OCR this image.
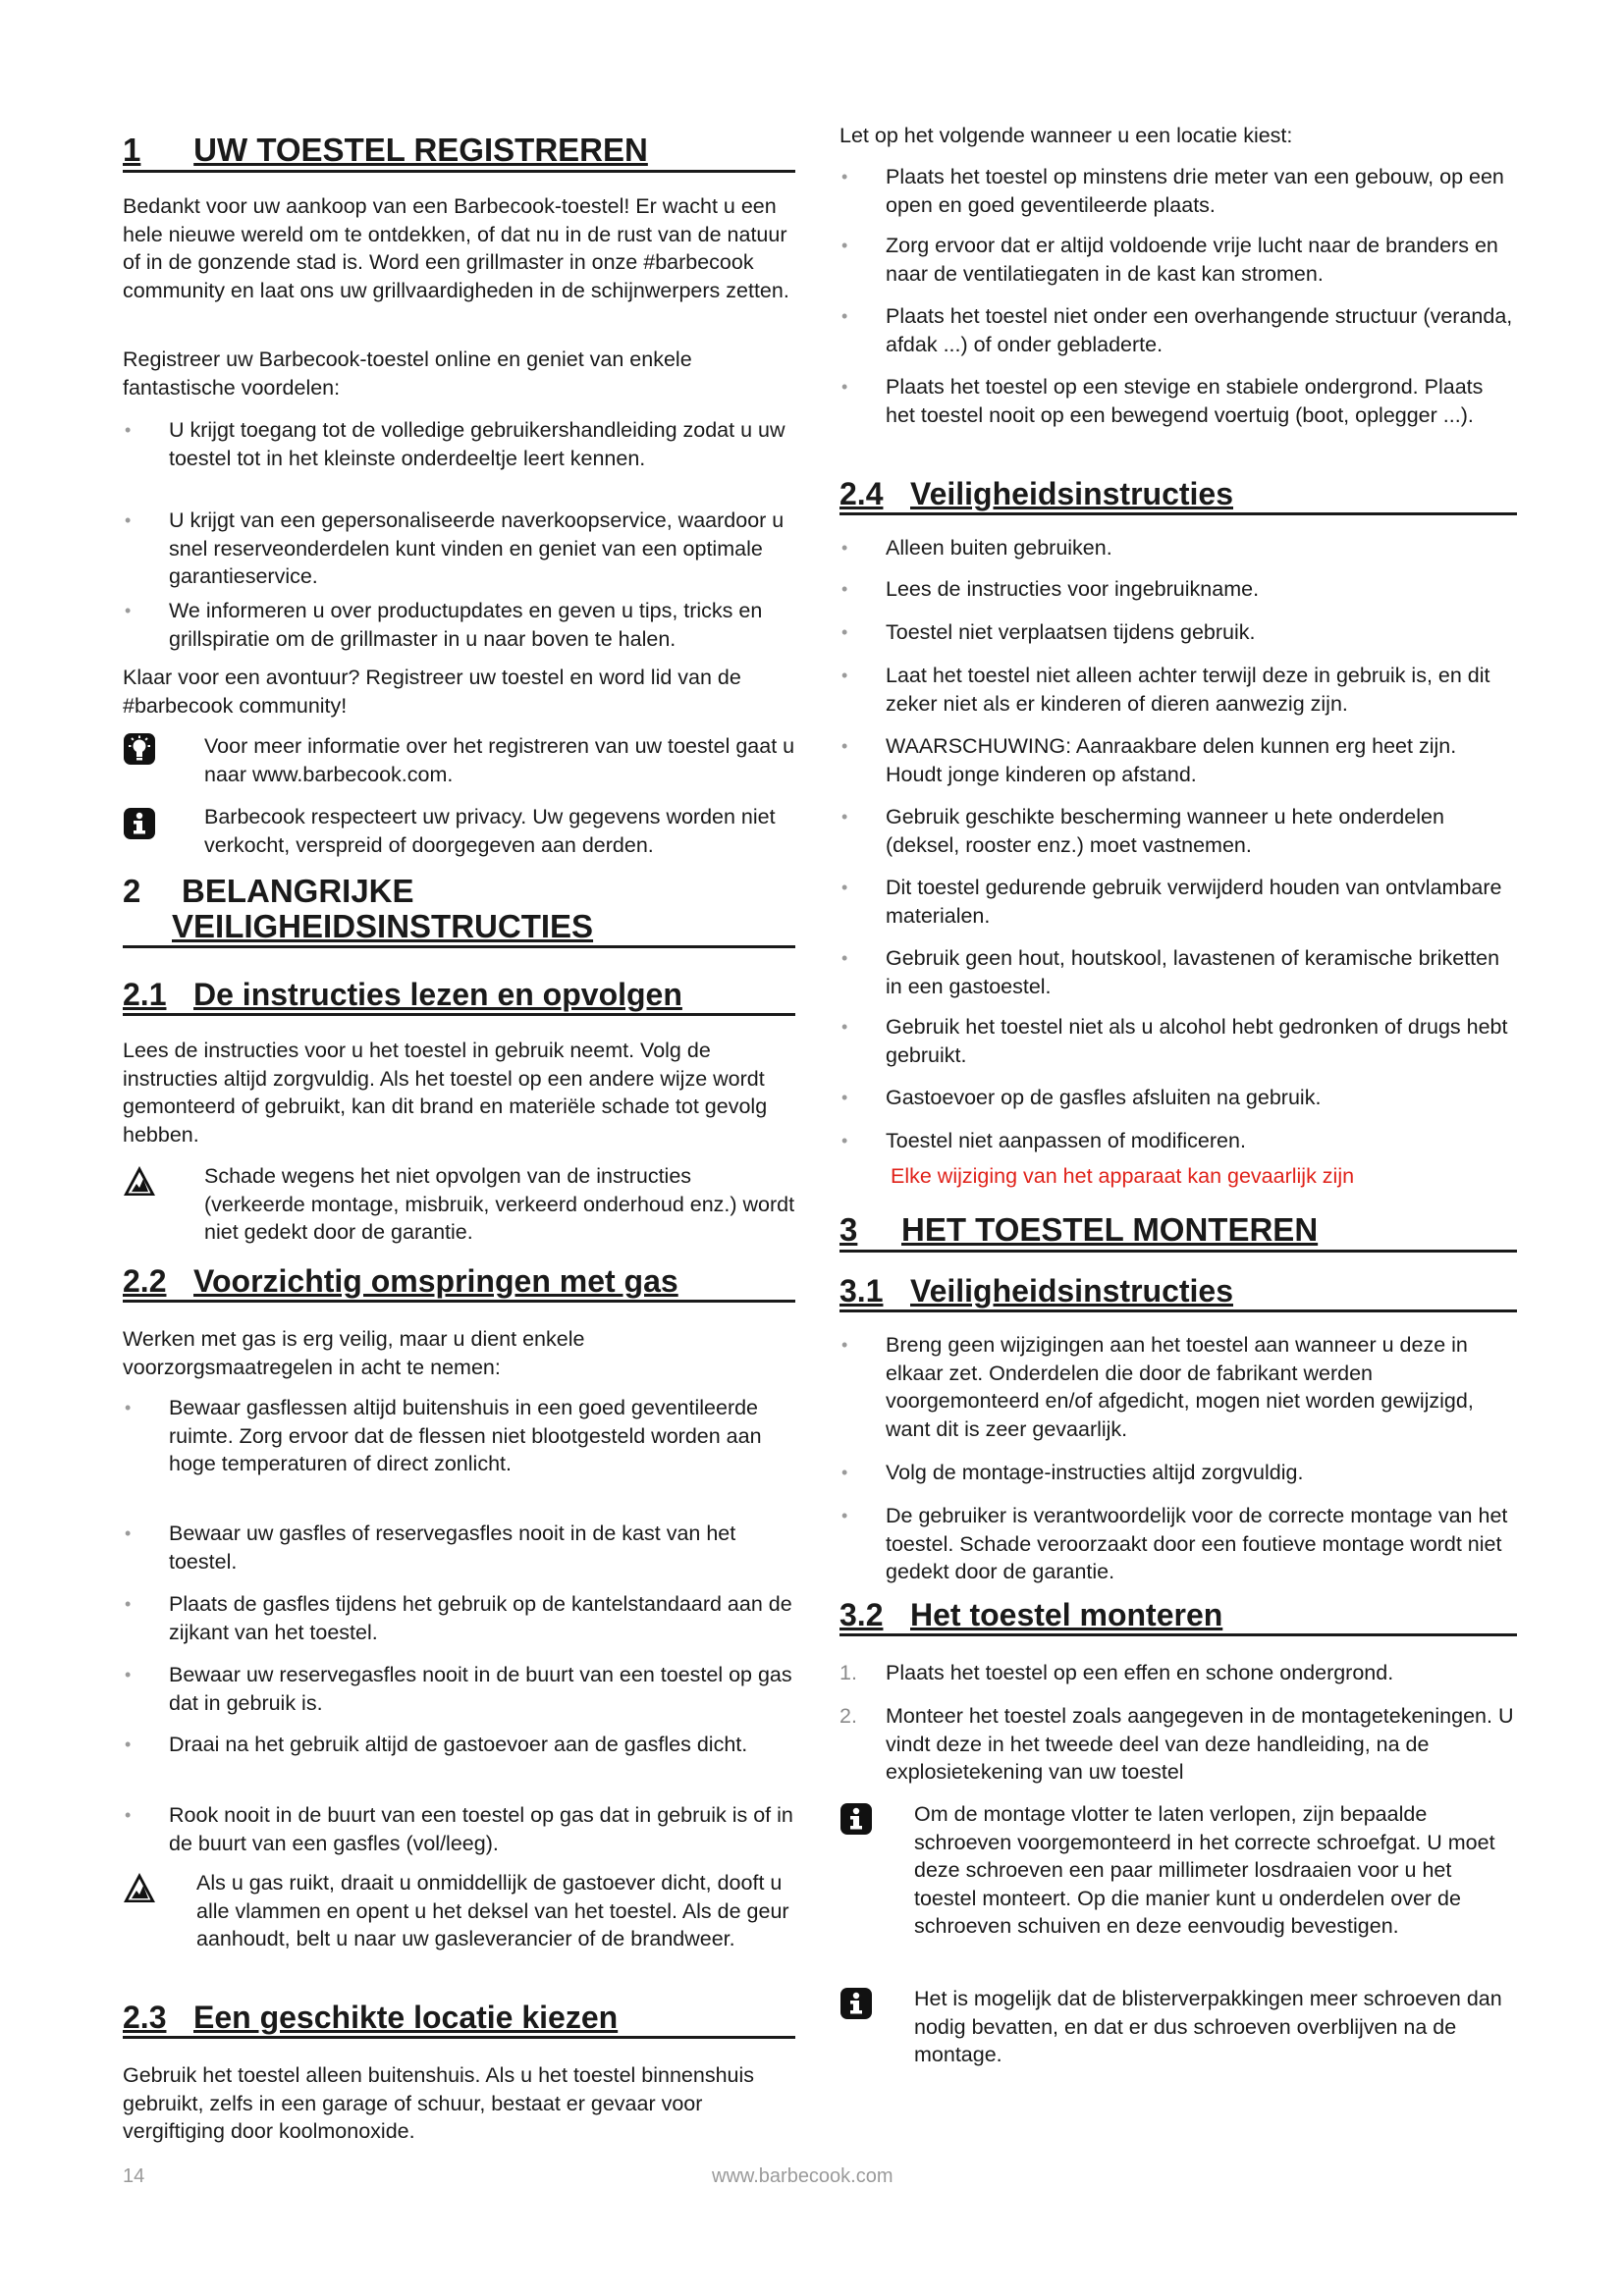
1 UW TOESTEL REGISTREREN

Bedankt voor uw aankoop van een Barbecook-toestel! Er wacht u een hele nieuwe wereld om te ontdekken, of dat nu in de rust van de natuur of in de gonzende stad is. Word een grillmaster in onze #barbecook community en laat ons uw grillvaardigheden in de schijnwerpers zetten.

Registreer uw Barbecook-toestel online en geniet van enkele fantastische voordelen:

• U krijgt toegang tot de volledige gebruikershandleiding zodat u uw toestel tot in het kleinste onderdeeltje leert kennen.
• U krijgt van een gepersonaliseerde naverkoopservice, waardoor u snel reserveonderdelen kunt vinden en geniet van een optimale garantieservice.
• We informeren u over productupdates en geven u tips, tricks en grillspiratie om de grillmaster in u naar boven te halen.

Klaar voor een avontuur? Registreer uw toestel en word lid van de #barbecook community!

Voor meer informatie over het registreren van uw toestel gaat u naar www.barbecook.com.
Barbecook respecteert uw privacy. Uw gegevens worden niet verkocht, verspreid of doorgegeven aan derden.
2 BELANGRIJKE
VEILIGHEIDSINSTRUCTIES
2.1 De instructies lezen en opvolgen

Lees de instructies voor u het toestel in gebruik neemt. Volg de instructies altijd zorgvuldig. Als het toestel op een andere wijze wordt gemonteerd of gebruikt, kan dit brand en materiële schade tot gevolg hebben.

Schade wegens het niet opvolgen van de instructies (verkeerde montage, misbruik, verkeerd onderhoud enz.) wordt niet gedekt door de garantie.
2.2 Voorzichtig omspringen met gas

Werken met gas is erg veilig, maar u dient enkele voorzorgsmaatregelen in acht te nemen:

• Bewaar gasflessen altijd buitenshuis in een goed geventileerde ruimte. Zorg ervoor dat de flessen niet blootgesteld worden aan hoge temperaturen of direct zonlicht.
• Bewaar uw gasfles of reservegasfles nooit in de kast van het toestel.
• Plaats de gasfles tijdens het gebruik op de kantelstandaard aan de zijkant van het toestel.
• Bewaar uw reservegasfles nooit in de buurt van een toestel op gas dat in gebruik is.
• Draai na het gebruik altijd de gastoevoer aan de gasfles dicht.
• Rook nooit in de buurt van een toestel op gas dat in gebruik is of in de buurt van een gasfles (vol/leeg).
Als u gas ruikt, draait u onmiddellijk de gastoever dicht, dooft u alle vlammen en opent u het deksel van het toestel. Als de geur aanhoudt, belt u naar uw gasleverancier of de brandweer.
2.3 Een geschikte locatie kiezen

Gebruik het toestel alleen buitenshuis. Als u het toestel binnenshuis gebruikt, zelfs in een garage of schuur, bestaat er gevaar voor vergiftiging door koolmonoxide.

Let op het volgende wanneer u een locatie kiest:

• Plaats het toestel op minstens drie meter van een gebouw, op een open en goed geventileerde plaats.
• Zorg ervoor dat er altijd voldoende vrije lucht naar de branders en naar de ventilatiegaten in de kast kan stromen.
• Plaats het toestel niet onder een overhangende structuur (veranda, afdak ...) of onder gebladerte.
• Plaats het toestel op een stevige en stabiele ondergrond. Plaats het toestel nooit op een bewegend voertuig (boot, oplegger ...).
2.4 Veiligheidsinstructies
• Alleen buiten gebruiken.
• Lees de instructies voor ingebruikname.
• Toestel niet verplaatsen tijdens gebruik.
• Laat het toestel niet alleen achter terwijl deze in gebruik is, en dit zeker niet als er kinderen of dieren aanwezig zijn.
• WAARSCHUWING: Aanraakbare delen kunnen erg heet zijn. Houdt jonge kinderen op afstand.
• Gebruik geschikte bescherming wanneer u hete onderdelen (deksel, rooster enz.) moet vastnemen.
• Dit toestel gedurende gebruik verwijderd houden van ontvlambare materialen.
• Gebruik geen hout, houtskool, lavastenen of keramische briketten in een gastoestel.
• Gebruik het toestel niet als u alcohol hebt gedronken of drugs hebt gebruikt.
• Gastoevoer op de gasfles afsluiten na gebruik.
• Toestel niet aanpassen of modificeren.

Elke wijziging van het apparaat kan gevaarlijk zijn

3 HET TOESTEL MONTEREN
3.1 Veiligheidsinstructies
• Breng geen wijzigingen aan het toestel aan wanneer u deze in elkaar zet. Onderdelen die door de fabrikant werden voorgemonteerd en/of afgedicht, mogen niet worden gewijzigd, want dit is zeer gevaarlijk.
• Volg de montage-instructies altijd zorgvuldig.
• De gebruiker is verantwoordelijk voor de correcte montage van het toestel. Schade veroorzaakt door een foutieve montage wordt niet gedekt door de garantie.
3.2 Het toestel monteren
1. Plaats het toestel op een effen en schone ondergrond.
2. Monteer het toestel zoals aangegeven in de montagetekeningen. U vindt deze in het tweede deel van deze handleiding, na de explosietekening van uw toestel
Om de montage vlotter te laten verlopen, zijn bepaalde schroeven voorgemonteerd in het correcte schroefgat. U moet deze schroeven een paar millimeter losdraaien voor u het toestel monteert. Op die manier kunt u onderdelen over de schroeven schuiven en deze eenvoudig bevestigen.
Het is mogelijk dat de blisterverpakkingen meer schroeven dan nodig bevatten, en dat er dus schroeven overblijven na de montage.
14	www.barbecook.com
